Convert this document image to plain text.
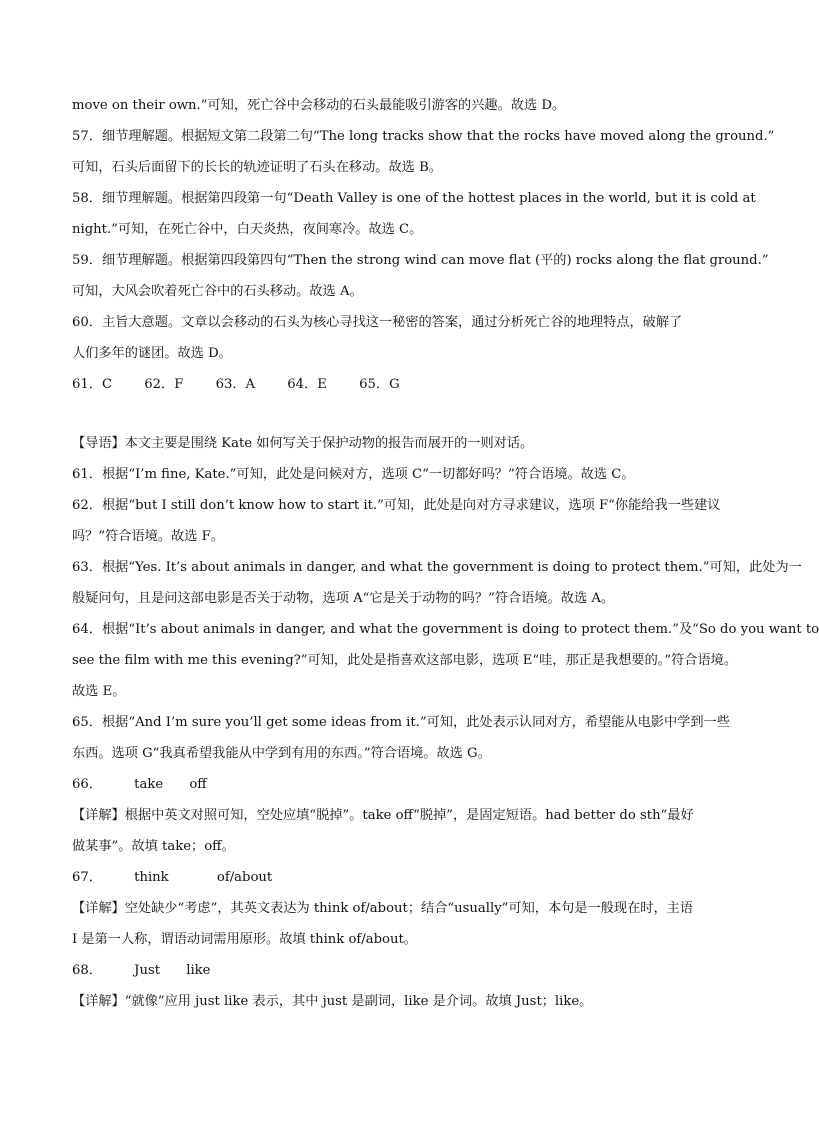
move on their own.”可知，死亡谷中会移动的石头最能吸引游客的兴趣。故选 D。
57．细节理解题。根据短文第二段第二句“The long tracks show that the rocks have moved along the ground.”
可知，石头后面留下的长长的轨迹证明了石头在移动。故选 B。
58．细节理解题。根据第四段第一句“Death Valley is one of the hottest places in the world, but it is cold at
night.”可知，在死亡谷中，白天炎热，夜间寒冷。故选 C。
59．细节理解题。根据第四段第四句“Then the strong wind can move flat (平的) rocks along the flat ground.”
可知，大风会吹着死亡谷中的石头移动。故选 A。
60．主旨大意题。文章以会移动的石头为核心寻找这一秘密的答案，通过分析死亡谷的地理特点，破解了
人们多年的谜团。故选 D。
61．C 62．F 63．A 64．E 65．G
【导语】本文主要是围绕 Kate 如何写关于保护动物的报告而展开的一则对话。
61．根据“I’m fine, Kate.”可知，此处是问候对方，选项 C“一切都好吗？”符合语境。故选 C。
62．根据“but I still don’t know how to start it.”可知，此处是向对方寻求建议，选项 F“你能给我一些建议
吗？”符合语境。故选 F。
63．根据“Yes. It’s about animals in danger, and what the government is doing to protect them.”可知，此处为一
般疑问句，且是问这部电影是否关于动物，选项 A“它是关于动物的吗？”符合语境。故选 A。
64．根据“It’s about animals in danger, and what the government is doing to protect them.”及“So do you want to
see the film with me this evening?”可知，此处是指喜欢这部电影，选项 E“哇，那正是我想要的。”符合语境。
故选 E。
65．根据“And I’m sure you’ll get some ideas from it.”可知，此处表示认同对方，希望能从电影中学到一些
东西。选项 G“我真希望我能从中学到有用的东西。”符合语境。故选 G。
66． take off
【详解】根据中英文对照可知，空处应填“脱掉”。take off“脱掉”，是固定短语。had better do sth“最好
做某事”。故填 take；off。
67． think	of/about
【详解】空处缺少“考虑”，其英文表达为 think of/about；结合“usually”可知，本句是一般现在时，主语
I 是第一人称，谓语动词需用原形。故填 think of/about。
68． Just like
【详解】“就像”应用 just like 表示，其中 just 是副词，like 是介词。故填 Just；like。
